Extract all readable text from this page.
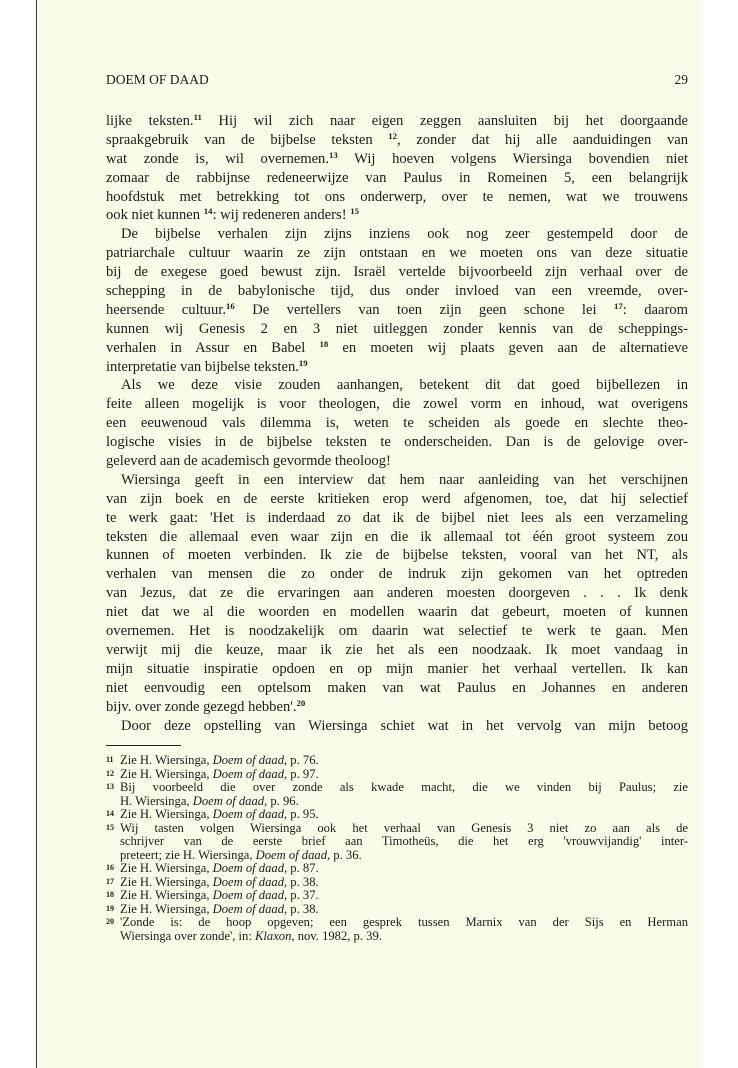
DOEM OF DAAD	29
lijke teksten.$^{11}$ Hij wil zich naar eigen zeggen aansluiten bij het doorgaande
spraakgebruik van de bijbelse teksten $^{12}$, zonder dat hij alle aanduidingen van
wat zonde is, wil overnemen.$^{13}$ Wij hoeven volgens Wiersinga bovendien niet
zomaar de rabbijnse redeneerwijze van Paulus in Romeinen 5, een belangrijk
hoofdstuk met betrekking tot ons onderwerp, over te nemen, wat we trouwens
ook niet kunnen $^{14}$: wij redeneren anders! $^{15}$
De bijbelse verhalen zijn zijns inziens ook nog zeer gestempeld door de
patriarchale cultuur waarin ze zijn ontstaan en we moeten ons van deze situatie
bij de exegese goed bewust zijn. Israël vertelde bijvoorbeeld zijn verhaal over de
schepping in de babylonische tijd, dus onder invloed van een vreemde, over-
heersende cultuur.$^{16}$ De vertellers van toen zijn geen schone lei $^{17}$: daarom
kunnen wij Genesis 2 en 3 niet uitleggen zonder kennis van de scheppings-
verhalen in Assur en Babel $^{18}$ en moeten wij plaats geven aan de alternatieve
interpretatie van bijbelse teksten.$^{19}$
Als we deze visie zouden aanhangen, betekent dit dat goed bijbellezen in
feite alleen mogelijk is voor theologen, die zowel vorm en inhoud, wat overigens
een eeuwenoud vals dilemma is, weten te scheiden als goede en slechte theo-
logische visies in de bijbelse teksten te onderscheiden. Dan is de gelovige over-
geleverd aan de academisch gevormde theoloog!
Wiersinga geeft in een interview dat hem naar aanleiding van het verschijnen
van zijn boek en de eerste kritieken erop werd afgenomen, toe, dat hij selectief
te werk gaat: 'Het is inderdaad zo dat ik de bijbel niet lees als een verzameling
teksten die allemaal even waar zijn en die ik allemaal tot één groot systeem zou
kunnen of moeten verbinden. Ik zie de bijbelse teksten, vooral van het NT, als
verhalen van mensen die zo onder de indruk zijn gekomen van het optreden
van Jezus, dat ze die ervaringen aan anderen moesten doorgeven . . . Ik denk
niet dat we al die woorden en modellen waarin dat gebeurt, moeten of kunnen
overnemen. Het is noodzakelijk om daarin wat selectief te werk te gaan. Men
verwijt mij die keuze, maar ik zie het als een noodzaak. Ik moet vandaag in
mijn situatie inspiratie opdoen en op mijn manier het verhaal vertellen. Ik kan
niet eenvoudig een optelsom maken van wat Paulus en Johannes en anderen
bijv. over zonde gezegd hebben'.$^{20}$
Door deze opstelling van Wiersinga schiet wat in het vervolg van mijn betoog
11 Zie H. Wiersinga, Doem of daad, p. 76.
12 Zie H. Wiersinga, Doem of daad, p. 97.
13 Bij voorbeeld die over zonde als kwade macht, die we vinden bij Paulus; zie
H. Wiersinga, Doem of daad, p. 96.
14 Zie H. Wiersinga, Doem of daad, p. 95.
15 Wij tasten volgen Wiersinga ook het verhaal van Genesis 3 niet zo aan als de
schrijver van de eerste brief aan Timotheüs, die het erg 'vrouwvijandig' inter-
preteert; zie H. Wiersinga, Doem of daad, p. 36.
16 Zie H. Wiersinga, Doem of daad, p. 87.
17 Zie H. Wiersinga, Doem of daad, p. 38.
18 Zie H. Wiersinga, Doem of daad, p. 37.
19 Zie H. Wiersinga, Doem of daad, p. 38.
20 'Zonde is: de hoop opgeven; een gesprek tussen Marnix van der Sijs en Herman
Wiersinga over zonde', in: Klaxon, nov. 1982, p. 39.
